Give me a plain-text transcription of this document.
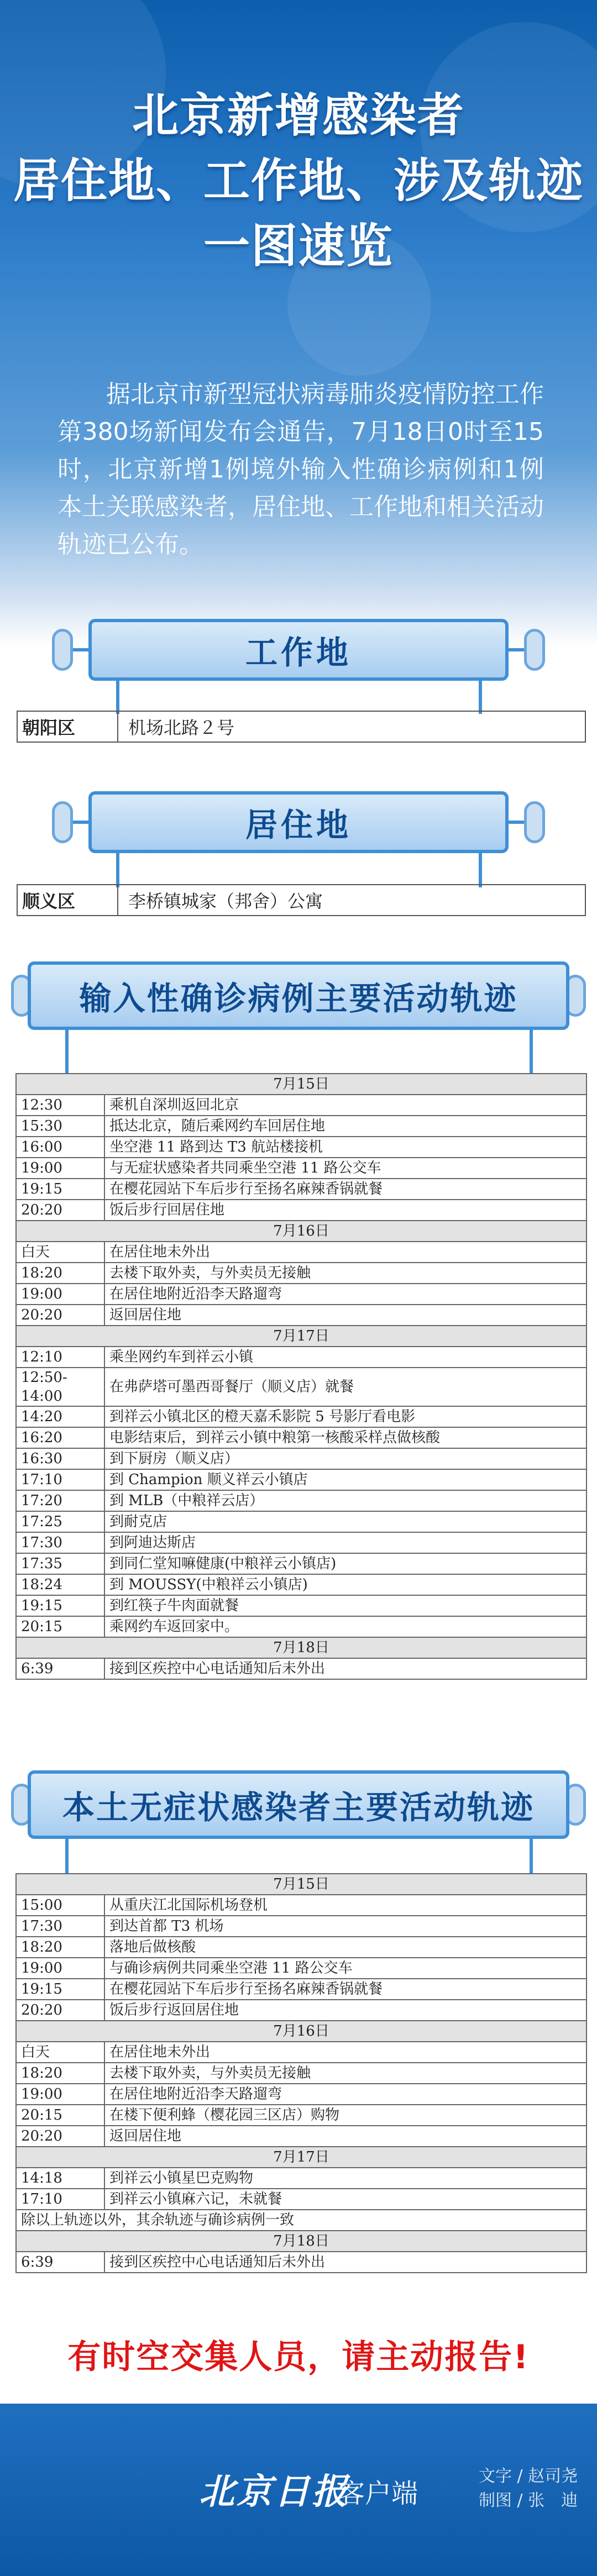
北京新增感染者
居住地、工作地、涉及轨迹
一图速览
据北京市新型冠状病毒肺炎疫情防控工作第380场新闻发布会通告，7月18日0时至15时，北京新增1例境外输入性确诊病例和1例本土关联感染者，居住地、工作地和相关活动轨迹已公布。
工作地
朝阳区	机场北路２号
居住地
顺义区	李桥镇城家（邦舍）公寓
输入性确诊病例主要活动轨迹
7月15日	
12:30	乘机自深圳返回北京
15:30	抵达北京，随后乘网约车回居住地
16:00	坐空港 11 路到达 T3 航站楼接机
19:00	与无症状感染者共同乘坐空港 11 路公交车
19:15	在樱花园站下车后步行至扬名麻辣香锅就餐
20:20	饭后步行回居住地
7月16日	
白天	在居住地未外出
18:20	去楼下取外卖，与外卖员无接触
19:00	在居住地附近沿李天路遛弯
20:20	返回居住地
7月17日	
12:10	乘坐网约车到祥云小镇
12:50-
14:00	在弗萨塔可墨西哥餐厅（顺义店）就餐
14:20	到祥云小镇北区的橙天嘉禾影院 5 号影厅看电影
16:20	电影结束后，到祥云小镇中粮第一核酸采样点做核酸
16:30	到下厨房（顺义店）
17:10	到 Champion 顺义祥云小镇店
17:20	到 MLB（中粮祥云店）
17:25	到耐克店
17:30	到阿迪达斯店
17:35	到同仁堂知嘛健康(中粮祥云小镇店)
18:24	到 MOUSSY(中粮祥云小镇店)
19:15	到红筷子牛肉面就餐
20:15	乘网约车返回家中。
7月18日	
6:39	接到区疾控中心电话通知后未外出
本土无症状感染者主要活动轨迹
7月15日	
15:00	从重庆江北国际机场登机
17:30	到达首都 T3 机场
18:20	落地后做核酸
19:00	与确诊病例共同乘坐空港 11 路公交车
19:15	在樱花园站下车后步行至扬名麻辣香锅就餐
20:20	饭后步行返回居住地
7月16日	
白天	在居住地未外出
18:20	去楼下取外卖，与外卖员无接触
19:00	在居住地附近沿李天路遛弯
20:15	在楼下便利蜂（樱花园三区店）购物
20:20	返回居住地
7月17日	
14:18	到祥云小镇星巴克购物
17:10	到祥云小镇麻六记，未就餐
除以上轨迹以外，其余轨迹与确诊病例一致	
7月18日	
6:39	接到区疾控中心电话通知后未外出
有时空交集人员，请主动报告!
北京日报
客户端
文字 / 赵司尧
制图 / 张　迪
